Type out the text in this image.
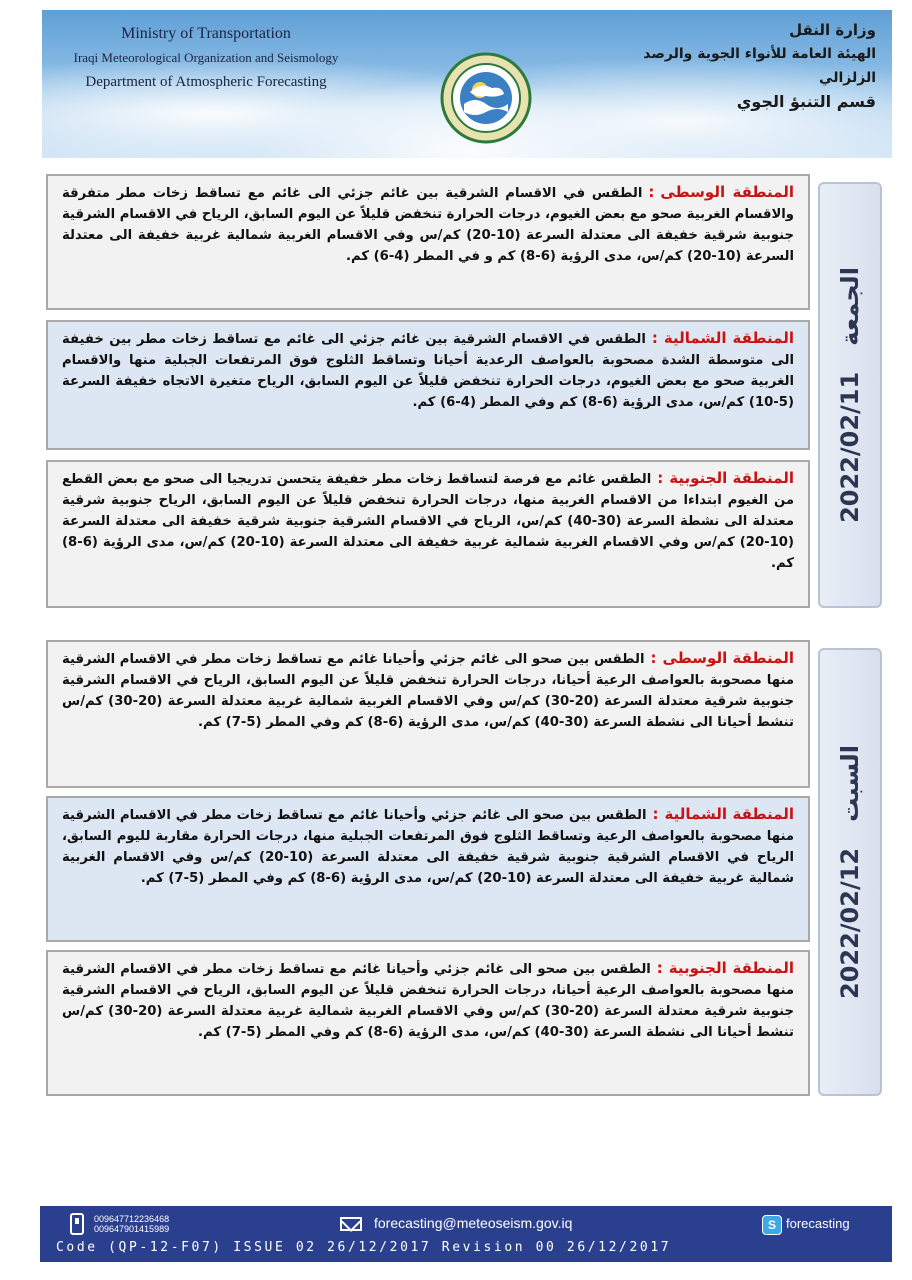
Ministry of Transportation
Iraqi Meteorological Organization and Seismology
Department of Atmospheric Forecasting
وزارة النقل
الهيئة العامة للأنواء الجوية والرصد الزلزالي
قسم التنبؤ الجوي
المنطقة الوسطى:الطقس في الاقسام الشرقية بين غائم جزئي الى غائم مع تساقط زخات مطر متفرقة والاقسام الغربية صحو مع بعض الغيوم، درجات الحرارة تنخفض قليلاً عن اليوم السابق، الرياح في الاقسام الشرقية جنوبية شرقية خفيفة الى معتدلة السرعة (10-20) كم/س وفي الاقسام الغربية شمالية غربية خفيفة الى معتدلة السرعة (10-20) كم/س، مدى الرؤية (6-8) كم و في المطر (4-6) كم.
المنطقة الشمالية:الطقس في الاقسام الشرقية بين غائم جزئي الى غائم مع تساقط زخات مطر بين خفيفة الى متوسطة الشدة مصحوبة بالعواصف الرعدية أحيانا وتساقط الثلوج فوق المرتفعات الجبلية منها والاقسام الغربية صحو مع بعض الغيوم، درجات الحرارة تنخفض قليلاً عن اليوم السابق، الرياح متغيرة الاتجاه خفيفة السرعة (5-10) كم/س، مدى الرؤية (6-8) كم وفي المطر (4-6) كم.
المنطقة الجنوبية:الطقس غائم مع فرصة لتساقط زخات مطر خفيفة يتحسن تدريجيا الى صحو مع بعض القطع من الغيوم ابتداءا من الاقسام الغربية منها، درجات الحرارة تنخفض قليلاً عن اليوم السابق، الرياح جنوبية شرقية معتدلة الى نشطة السرعة (30-40) كم/س، الرياح في الاقسام الشرقية جنوبية شرقية خفيفة الى معتدلة السرعة (10-20) كم/س وفي الاقسام الغربية شمالية غربية خفيفة الى معتدلة السرعة (10-20) كم/س، مدى الرؤية (6-8) كم.
2022/02/11الجمعة
المنطقة الوسطى:الطقس بين صحو الى غائم جزئي وأحيانا غائم مع تساقط زخات مطر في الاقسام الشرقية منها مصحوبة بالعواصف الرعية أحيانا، درجات الحرارة تنخفض قليلاً عن اليوم السابق، الرياح في الاقسام الشرقية جنوبية شرقية معتدلة السرعة (20-30) كم/س وفي الاقسام الغربية شمالية غربية معتدلة السرعة (20-30) كم/س تنشط أحيانا الى نشطة السرعة (30-40) كم/س، مدى الرؤية (6-8) كم وفي المطر (5-7) كم.
المنطقة الشمالية:الطقس بين صحو الى غائم جزئي وأحيانا غائم مع تساقط زخات مطر في الاقسام الشرقية منها مصحوبة بالعواصف الرعية وتساقط الثلوج فوق المرتفعات الجبلية منها، درجات الحرارة مقاربة لليوم السابق، الرياح في الاقسام الشرقية جنوبية شرقية خفيفة الى معتدلة السرعة (10-20) كم/س وفي الاقسام الغربية شمالية غربية خفيفة الى معتدلة السرعة (10-20) كم/س، مدى الرؤية (6-8) كم وفي المطر (5-7) كم.
المنطقة الجنوبية:الطقس بين صحو الى غائم جزئي وأحيانا غائم مع تساقط زخات مطر في الاقسام الشرقية منها مصحوبة بالعواصف الرعية أحيانا، درجات الحرارة تنخفض قليلاً عن اليوم السابق، الرياح في الاقسام الشرقية جنوبية شرقية معتدلة السرعة (20-30) كم/س وفي الاقسام الغربية شمالية غربية معتدلة السرعة (20-30) كم/س تنشط أحيانا الى نشطة السرعة (30-40) كم/س، مدى الرؤية (6-8) كم وفي المطر (5-7) كم.
2022/02/12السبت
009647712236468
009647901415989	forecasting@meteoseism.gov.iq	S forecasting
Code (QP-12-F07) ISSUE 02 26/12/2017 Revision 00 26/12/2017
